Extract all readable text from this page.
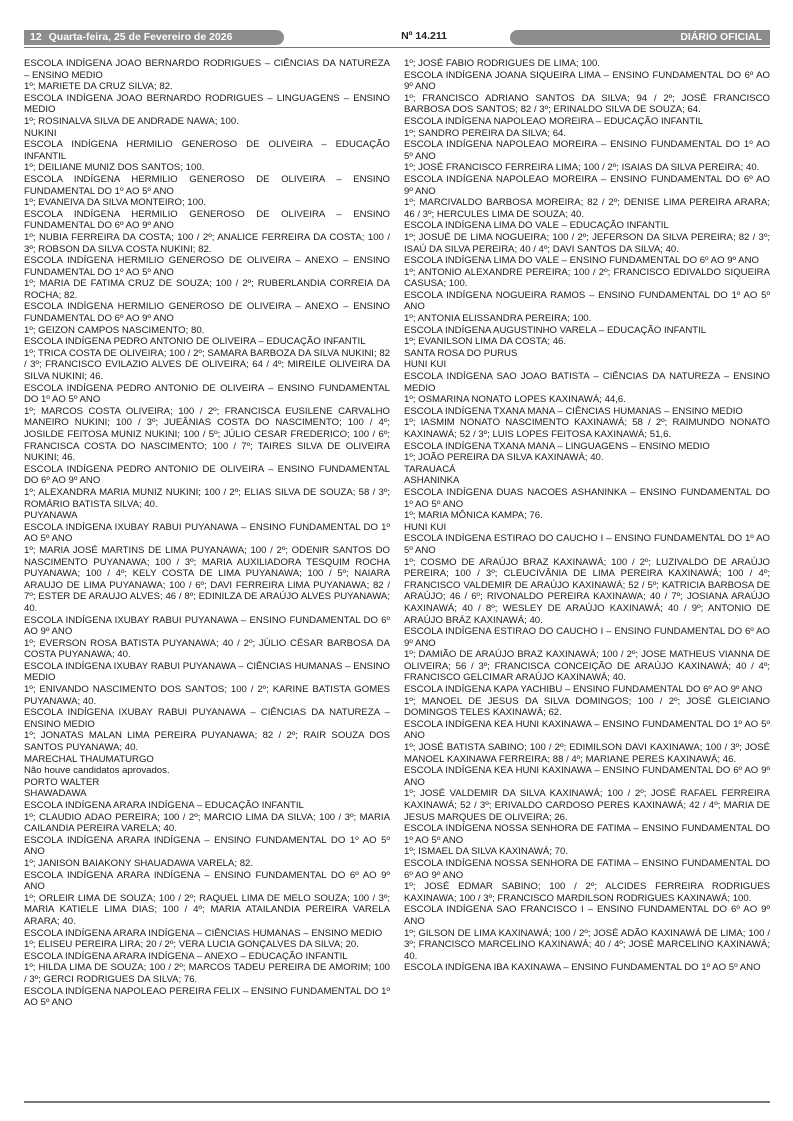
12 Quarta-feira, 25 de Fevereiro de 2026	Nº 14.211	DIÁRIO OFICIAL

ESCOLA INDÍGENA JOAO BERNARDO RODRIGUES – CIÊNCIAS DA NATUREZA – ENSINO MEDIO

1º; MARIETE DA CRUZ SILVA; 82.

ESCOLA INDÍGENA JOAO BERNARDO RODRIGUES – LINGUAGENS – ENSINO MEDIO

1º; ROSINALVA SILVA DE ANDRADE NAWA; 100.

NUKINI

ESCOLA INDÍGENA HERMILIO GENEROSO DE OLIVEIRA – EDUCAÇÃO INFANTIL

1º; DEILIANE MUNIZ DOS SANTOS; 100.

ESCOLA INDÍGENA HERMILIO GENEROSO DE OLIVEIRA – ENSINO FUNDAMENTAL DO 1º AO 5º ANO

1º; EVANEIVA DA SILVA MONTEIRO; 100.

ESCOLA INDÍGENA HERMILIO GENEROSO DE OLIVEIRA – ENSINO FUNDAMENTAL DO 6º AO 9º ANO

1º; NUBIA FERREIRA DA COSTA; 100 / 2º; ANALICE FERREIRA DA COSTA; 100 / 3º; ROBSON DA SILVA COSTA NUKINI; 82.

ESCOLA INDÍGENA HERMILIO GENEROSO DE OLIVEIRA – ANEXO – ENSINO FUNDAMENTAL DO 1º AO 5º ANO

1º; MARIA DE FATIMA CRUZ DE SOUZA; 100 / 2º; RUBERLANDIA CORREIA DA ROCHA; 82.

ESCOLA INDÍGENA HERMILIO GENEROSO DE OLIVEIRA – ANEXO – ENSINO FUNDAMENTAL DO 6º AO 9º ANO

1º; GEIZON CAMPOS NASCIMENTO; 80.

ESCOLA INDÍGENA PEDRO ANTONIO DE OLIVEIRA – EDUCAÇÃO INFANTIL

1º; TRICA COSTA DE OLIVEIRA; 100 / 2º; SAMARA BARBOZA DA SILVA NUKINI; 82 / 3º; FRANCISCO EVILAZIO ALVES DE OLIVEIRA; 64 / 4º; MIREILE OLIVEIRA DA SILVA NUKINI; 46.

ESCOLA INDÍGENA PEDRO ANTONIO DE OLIVEIRA – ENSINO FUNDAMENTAL DO 1º AO 5º ANO

1º; MARCOS COSTA OLIVEIRA; 100 / 2º; FRANCISCA EUSILENE CARVALHO MANEIRO NUKINI; 100 / 3º; JUEÂNIAS COSTA DO NASCIMENTO; 100 / 4º; JOSILDE FEITOSA MUNIZ NUKINI; 100 / 5º; JÚLIO CESAR FREDERICO; 100 / 6º; FRANCISCA COSTA DO NASCIMENTO; 100 / 7º; TAIRES SILVA DE OLIVEIRA NUKINI; 46.

ESCOLA INDÍGENA PEDRO ANTONIO DE OLIVEIRA – ENSINO FUNDAMENTAL DO 6º AO 9º ANO

1º; ALEXANDRA MARIA MUNIZ NUKINI; 100 / 2º; ELIAS SILVA DE SOUZA; 58 / 3º; ROMÁRIO BATISTA SILVA; 40.

PUYANAWA

ESCOLA INDÍGENA IXUBAY RABUI PUYANAWA – ENSINO FUNDAMENTAL DO 1º AO 5º ANO

1º; MARIA JOSÉ MARTINS DE LIMA PUYANAWA; 100 / 2º; ODENIR SANTOS DO NASCIMENTO PUYANAWA; 100 / 3º; MARIA AUXILIADORA TESQUIM ROCHA PUYANAWA; 100 / 4º; KELY COSTA DE LIMA PUYANAWA; 100 / 5º; NAIARA ARAUJO DE LIMA PUYANAWA; 100 / 6º; DAVI FERREIRA LIMA PUYANAWA; 82 / 7º; ESTER DE ARAUJO ALVES; 46 / 8º; EDINILZA DE ARAÚJO ALVES PUYANAWA; 40.

ESCOLA INDÍGENA IXUBAY RABUI PUYANAWA – ENSINO FUNDAMENTAL DO 6º AO 9º ANO

1º; EVERSON ROSA BATISTA PUYANAWA; 40 / 2º; JÚLIO CÉSAR BARBOSA DA COSTA PUYANAWA; 40.

ESCOLA INDÍGENA IXUBAY RABUI PUYANAWA – CIÊNCIAS HUMANAS – ENSINO MEDIO

1º; ENIVANDO NASCIMENTO DOS SANTOS; 100 / 2º; KARINE BATISTA GOMES PUYANAWA; 40.

ESCOLA INDÍGENA IXUBAY RABUI PUYANAWA – CIÊNCIAS DA NATUREZA – ENSINO MEDIO

1º; JONATAS MALAN LIMA PEREIRA PUYANAWA; 82 / 2º; RAIR SOUZA DOS SANTOS PUYANAWA; 40.

MARECHAL THAUMATURGO

Não houve candidatos aprovados.

PORTO WALTER

SHAWADAWA

ESCOLA INDÍGENA ARARA INDÍGENA – EDUCAÇÃO INFANTIL

1º; CLAUDIO ADAO PEREIRA; 100 / 2º; MARCIO LIMA DA SILVA; 100 / 3º; MARIA CAILANDIA PEREIRA VARELA; 40.

ESCOLA INDÍGENA ARARA INDÍGENA – ENSINO FUNDAMENTAL DO 1º AO 5º ANO

1º; JANISON BAIAKONY SHAUADAWA VARELA; 82.

ESCOLA INDÍGENA ARARA INDÍGENA – ENSINO FUNDAMENTAL DO 6º AO 9º ANO

1º; ORLEIR LIMA DE SOUZA; 100 / 2º; RAQUEL LIMA DE MELO SOUZA; 100 / 3º; MARIA KATIELE LIMA DIAS; 100 / 4º; MARIA ATAILANDIA PEREIRA VARELA ARARA; 40.

ESCOLA INDÍGENA ARARA INDÍGENA – CIÊNCIAS HUMANAS – ENSINO MEDIO

1º; ELISEU PEREIRA LIRA; 20 / 2º; VERA LUCIA GONÇALVES DA SILVA; 20.

ESCOLA INDÍGENA ARARA INDÍGENA – ANEXO – EDUCAÇÃO INFANTIL

1º; HILDA LIMA DE SOUZA; 100 / 2º; MARCOS TADEU PEREIRA DE AMORIM; 100 / 3º; GERCI RODRIGUES DA SILVA; 76.

ESCOLA INDÍGENA NAPOLEAO PEREIRA FELIX – ENSINO FUNDAMENTAL DO 1º AO 5º ANO

1º; JOSÉ FABIO RODRIGUES DE LIMA; 100.

ESCOLA INDÍGENA JOANA SIQUEIRA LIMA – ENSINO FUNDAMENTAL DO 6º AO 9º ANO

1º; FRANCISCO ADRIANO SANTOS DA SILVA; 94 / 2º; JOSÉ FRANCISCO BARBOSA DOS SANTOS; 82 / 3º; ERINALDO SILVA DE SOUZA; 64.

ESCOLA INDÍGENA NAPOLEAO MOREIRA – EDUCAÇÃO INFANTIL

1º; SANDRO PEREIRA DA SILVA; 64.

ESCOLA INDÍGENA NAPOLEAO MOREIRA – ENSINO FUNDAMENTAL DO 1º AO 5º ANO

1º; JOSÉ FRANCISCO FERREIRA LIMA; 100 / 2º; ISAIAS DA SILVA PEREIRA; 40.

ESCOLA INDÍGENA NAPOLEAO MOREIRA – ENSINO FUNDAMENTAL DO 6º AO 9º ANO

1º; MARCIVALDO BARBOSA MOREIRA; 82 / 2º; DENISE LIMA PEREIRA ARARA; 46 / 3º; HERCULES LIMA DE SOUZA; 40.

ESCOLA INDÍGENA LIMA DO VALE – EDUCAÇÃO INFANTIL

1º; JOSUÉ DE LIMA NOGUEIRA; 100 / 2º; JEFERSON DA SILVA PEREIRA; 82 / 3º; ISAÚ DA SILVA PEREIRA; 40 / 4º; DAVI SANTOS DA SILVA; 40.

ESCOLA INDÍGENA LIMA DO VALE – ENSINO FUNDAMENTAL DO 6º AO 9º ANO

1º; ANTONIO ALEXANDRE PEREIRA; 100 / 2º; FRANCISCO EDIVALDO SIQUEIRA CASUSA; 100.

ESCOLA INDÍGENA NOGUEIRA RAMOS – ENSINO FUNDAMENTAL DO 1º AO 5º ANO

1º; ANTONIA ELISSANDRA PEREIRA; 100.

ESCOLA INDÍGENA AUGUSTINHO VARELA – EDUCAÇÃO INFANTIL

1º; EVANILSON LIMA DA COSTA; 46.

SANTA ROSA DO PURUS

HUNI KUI

ESCOLA INDÍGENA SAO JOAO BATISTA – CIÊNCIAS DA NATUREZA – ENSINO MEDIO

1º; OSMARINA NONATO LOPES KAXINAWÁ; 44,6.

ESCOLA INDÍGENA TXANA MANA – CIÊNCIAS HUMANAS – ENSINO MEDIO

1º; IASMIM NONATO NASCIMENTO KAXINAWÁ; 58 / 2º; RAIMUNDO NONATO KAXINAWÁ; 52 / 3º; LUIS LOPES FEITOSA KAXINAWÁ; 51,6.

ESCOLA INDÍGENA TXANA MANA – LINGUAGENS – ENSINO MEDIO

1º; JOÃO PEREIRA DA SILVA KAXINAWÁ; 40.

TARAUACÁ

ASHANINKA

ESCOLA INDÍGENA DUAS NACOES ASHANINKA – ENSINO FUNDAMENTAL DO 1º AO 5º ANO

1º; MARIA MÔNICA KAMPA; 76.

HUNI KUI

ESCOLA INDÍGENA ESTIRAO DO CAUCHO I – ENSINO FUNDAMENTAL DO 1º AO 5º ANO

1º; COSMO DE ARAÚJO BRAZ KAXINAWÁ; 100 / 2º; LUZIVALDO DE ARAÚJO PEREIRA; 100 / 3º; CLEUCIVÂNIA DE LIMA PEREIRA KAXINAWÁ; 100 / 4º; FRANCISCO VALDEMIR DE ARAÚJO KAXINAWÁ; 52 / 5º; KATRICIA BARBOSA DE ARAÚJO; 46 / 6º; RIVONALDO PEREIRA KAXINAWA; 40 / 7º; JOSIANA ARAÚJO KAXINAWÁ; 40 / 8º; WESLEY DE ARAÚJO KAXINAWÁ; 40 / 9º; ANTONIO DE ARAÚJO BRÁZ KAXINAWÁ; 40.

ESCOLA INDÍGENA ESTIRAO DO CAUCHO I – ENSINO FUNDAMENTAL DO 6º AO 9º ANO

1º; DAMIÃO DE ARAÚJO BRAZ KAXINAWÁ; 100 / 2º; JOSE MATHEUS VIANNA DE OLIVEIRA; 56 / 3º; FRANCISCA CONCEIÇÃO DE ARAÚJO KAXINAWÁ; 40 / 4º; FRANCISCO GELCIMAR ARAÚJO KAXINAWÁ; 40.

ESCOLA INDÍGENA KAPA YACHIBU – ENSINO FUNDAMENTAL DO 6º AO 9º ANO

1º; MANOEL DE JESUS DA SILVA DOMINGOS; 100 / 2º; JOSÉ GLEICIANO DOMINGOS TELES KAXINAWÁ; 62.

ESCOLA INDÍGENA KEA HUNI KAXINAWA – ENSINO FUNDAMENTAL DO 1º AO 5º ANO

1º; JOSÉ BATISTA SABINO; 100 / 2º; EDIMILSON DAVI KAXINAWA; 100 / 3º; JOSÉ MANOEL KAXINAWA FERREIRA; 88 / 4º; MARIANE PERES KAXINAWÁ; 46.

ESCOLA INDÍGENA KEA HUNI KAXINAWA – ENSINO FUNDAMENTAL DO 6º AO 9º ANO

1º; JOSÉ VALDEMIR DA SILVA KAXINAWÁ; 100 / 2º; JOSÉ RAFAEL FERREIRA KAXINAWÁ; 52 / 3º; ERIVALDO CARDOSO PERES KAXINAWÁ; 42 / 4º; MARIA DE JESUS MARQUES DE OLIVEIRA; 26.

ESCOLA INDÍGENA NOSSA SENHORA DE FATIMA – ENSINO FUNDAMENTAL DO 1º AO 5º ANO

1º; ISMAEL DA SILVA KAXINAWÁ; 70.

ESCOLA INDÍGENA NOSSA SENHORA DE FATIMA – ENSINO FUNDAMENTAL DO 6º AO 9º ANO

1º; JOSÉ EDMAR SABINO; 100 / 2º; ALCIDES FERREIRA RODRIGUES KAXINAWA; 100 / 3º; FRANCISCO MARDILSON RODRIGUES KAXINAWÁ; 100.

ESCOLA INDÍGENA SAO FRANCISCO I – ENSINO FUNDAMENTAL DO 6º AO 9º ANO

1º; GILSON DE LIMA KAXINAWÁ; 100 / 2º; JOSÉ ADÃO KAXINAWÁ DE LIMA; 100 / 3º; FRANCISCO MARCELINO KAXINAWÁ; 40 / 4º; JOSÉ MARCELINO KAXINAWÁ; 40.

ESCOLA INDÍGENA IBA KAXINAWA – ENSINO FUNDAMENTAL DO 1º AO 5º ANO
